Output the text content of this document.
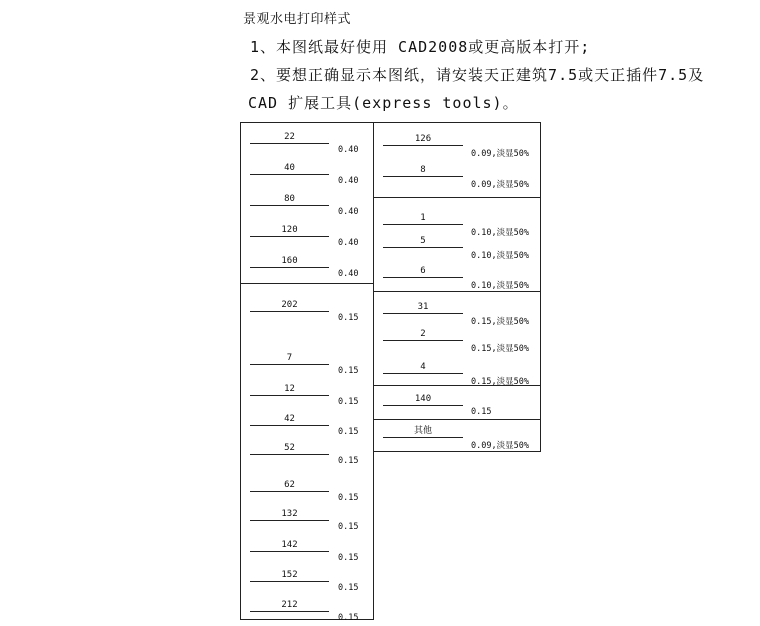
景观水电打印样式
1、本图纸最好使用 CAD2008或更高版本打开;
2、要想正确显示本图纸，请安装天正建筑7.5或天正插件7.5及
CAD 扩展工具(express tools)。
22
0.40
40
0.40
80
0.40
120
0.40
160
0.40
202
0.15
7
0.15
12
0.15
42
0.15
52
0.15
62
0.15
132
0.15
142
0.15
152
0.15
212
0.15
126
0.09,淡显50%
8
0.09,淡显50%
1
0.10,淡显50%
5
0.10,淡显50%
6
0.10,淡显50%
31
0.15,淡显50%
2
0.15,淡显50%
4
0.15,淡显50%
140
0.15
其他
0.09,淡显50%
